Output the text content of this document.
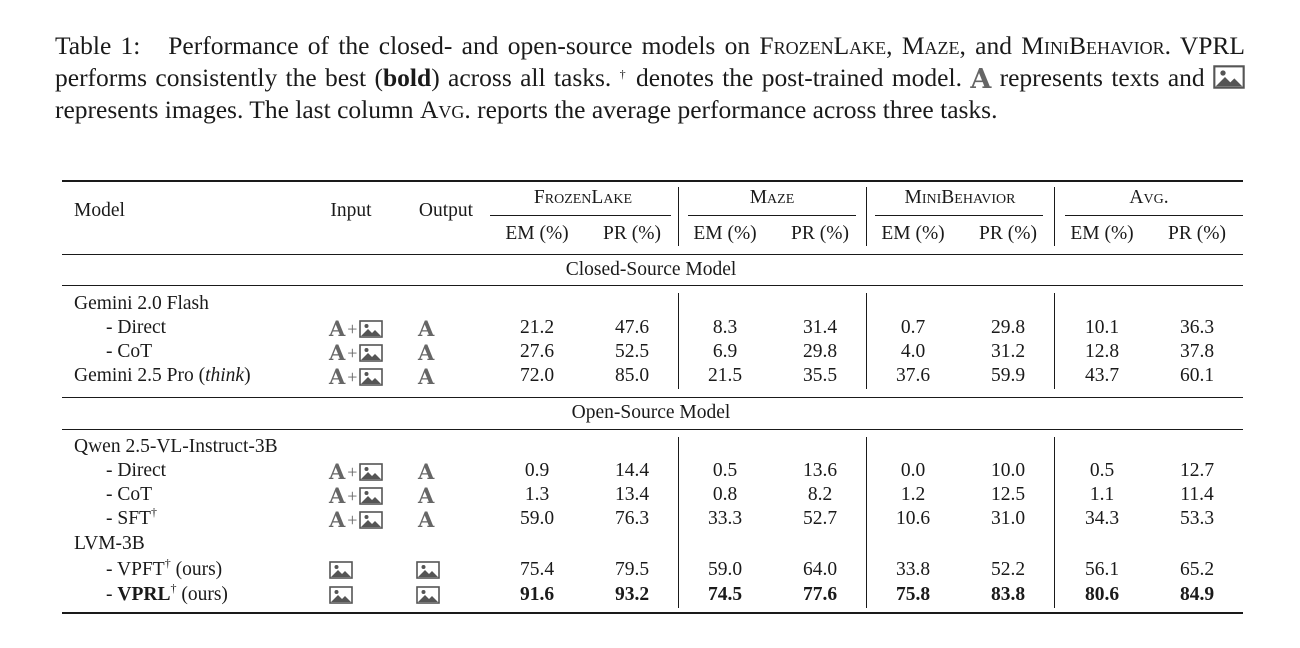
Table 1: Performance of the closed- and open-source models on FrozenLake, Maze, and MiniBehavior. VPRL performs consistently the best (bold) across all tasks. † denotes the post-trained model. A represents texts and  represents images. The last column Avg. reports the average performance across three tasks.
Model	Input Output
FrozenLake	Maze	MiniBehavior	Avg.
EM (%) PR (%) EM (%) PR (%) EM (%) PR (%) EM (%) PR (%)
Closed-Source Model
Open-Source Model
Gemini 2.0 Flash
- Direct	A +	A	21.2	47.6	8.3	31.4	0.7	29.8	10.1	36.3
- CoT	A +	A	27.6	52.5	6.9	29.8	4.0	31.2	12.8	37.8
Gemini 2.5 Pro (think)	A +	A	72.0	85.0	21.5	35.5	37.6	59.9	43.7	60.1
Qwen 2.5-VL-Instruct-3B
- Direct	A +	A	0.9	14.4	0.5	13.6	0.0	10.0	0.5	12.7
- CoT	A +	A	1.3	13.4	0.8	8.2	1.2	12.5	1.1	11.4
- SFT†	A +	A	59.0	76.3	33.3	52.7	10.6	31.0	34.3	53.3
LVM-3B
- VPFT† (ours)	75.4	79.5	59.0	64.0	33.8	52.2	56.1	65.2
- VPRL† (ours)	91.6	93.2	74.5	77.6	75.8	83.8	80.6	84.9
